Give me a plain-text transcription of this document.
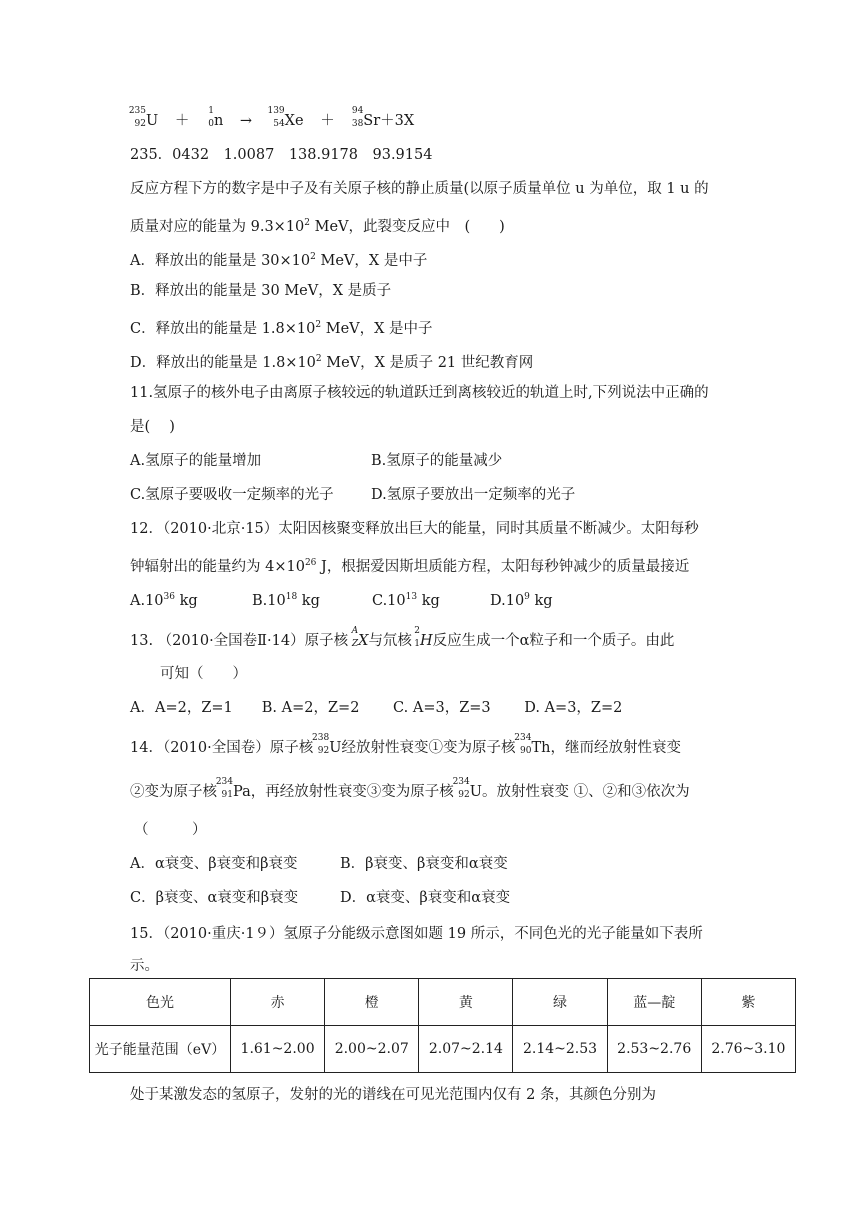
235
92 U ＋
1
0 n →
139
54 Xe ＋
94
38 Sr＋3X
235．0432　1.0087　138.9178　93.9154
反应方程下方的数字是中子及有关原子核的静止质量(以原子质量单位 u 为单位，取 1 u 的
质量对应的能量为 $9.3\times 10^2$ MeV，此裂变反应中　(　　)
A．释放出的能量是 $30\times 10^2$ MeV，X 是中子
B．释放出的能量是 30 MeV，X 是质子
C．释放出的能量是 $1.8\times 10^2$ MeV，X 是中子
D．释放出的能量是 $1.8\times 10^2$ MeV，X 是质子 21 世纪教育网
11.氢原子的核外电子由离原子核较远的轨道跃迁到离核较近的轨道上时,下列说法中正确的
是(　 )
A.氢原子的能量增加	B.氢原子的能量减少
C.氢原子要吸收一定频率的光子	D.氢原子要放出一定频率的光子
12．（2010·北京·15）太阳因核聚变释放出巨大的能量，同时其质量不断减少。太阳每秒
钟辐射出的能量约为 $4\times 10^{26}$ J，根据爱因斯坦质能方程，太阳每秒钟减少的质量最接近
$A.10^{36}$ kg	$B.10^{18}$ kg	$C.10^{13}$ kg	$D.10^9$ kg
13. （2010·全国卷Ⅱ·14）原子核
A
Z X与氘核
2
1 H反应生成一个α粒子和一个质子。由此
可知（　　）
A．A=2，Z=1　　B. A=2，Z=2　　 C. A=3，Z=3　　 D. A=3，Z=2
14．（2010·全国卷）原子核
238
92 U经放射性衰变①变为原子核
234
90 Th，继而经放射性衰变
②变为原子核
234
91 Pa，再经放射性衰变③变为原子核
234
92 U。放射性衰变 ①、②和③依次为
（　　　）
A．α衰变、β衰变和β衰变	B．β衰变、β衰变和α衰变
C．β衰变、α衰变和β衰变	D．α衰变、β衰变和α衰变
15．（2010·重庆·1９）氢原子分能级示意图如题 19 所示，不同色光的光子能量如下表所
示。
色光	赤	橙	黄	绿	蓝—靛	紫
光子能量范围（eV）	1.61~2.00	2.00~2.07	2.07~2.14	2.14~2.53	2.53~2.76	2.76~3.10
处于某激发态的氢原子，发射的光的谱线在可见光范围内仅有 2 条，其颜色分别为
